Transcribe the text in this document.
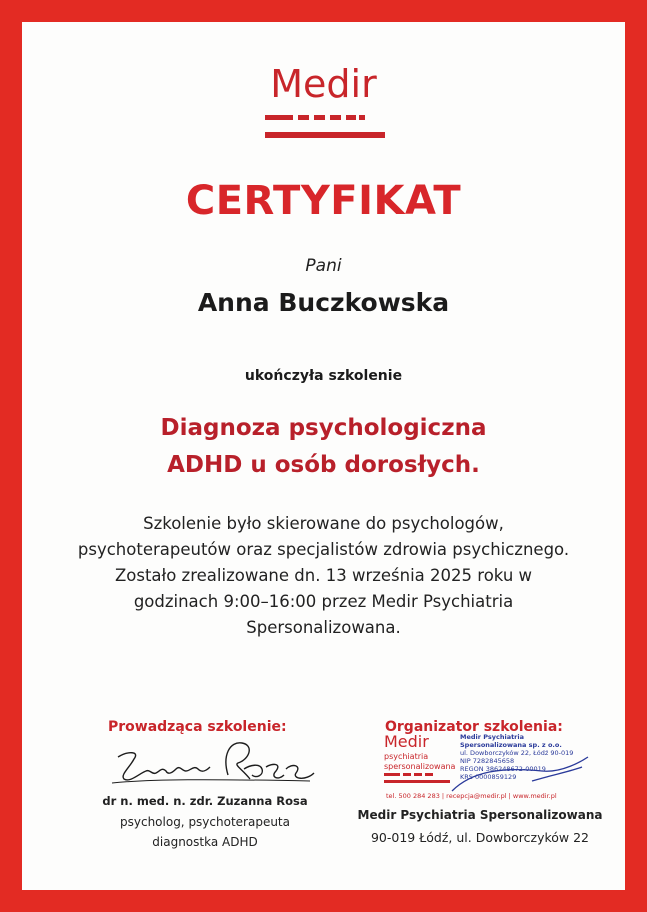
Medir
CERTYFIKAT
Pani
Anna Buczkowska
ukończyła szkolenie
Diagnoza psychologiczna
ADHD u osób dorosłych.
Szkolenie było skierowane do psychologów,
psychoterapeutów oraz specjalistów zdrowia psychicznego.
Zostało zrealizowane dn. 13 września 2025 roku w
godzinach 9:00–16:00 przez Medir Psychiatria
Spersonalizowana.
Prowadząca szkolenie:
dr n. med. n. zdr. Zuzanna Rosa
psycholog, psychoterapeuta
diagnostka ADHD
Organizator szkolenia:
Medir
psychiatria
spersonalizowana
Medir Psychiatria
Spersonalizowana sp. z o.o.
ul. Dowborczyków 22, Łódź 90-019
NIP 7282845658
REGON 386248672-00019
KRS 0000859129
tel. 500 284 283 | recepcja@medir.pl | www.medir.pl
Medir Psychiatria Spersonalizowana
90-019 Łódź, ul. Dowborczyków 22
